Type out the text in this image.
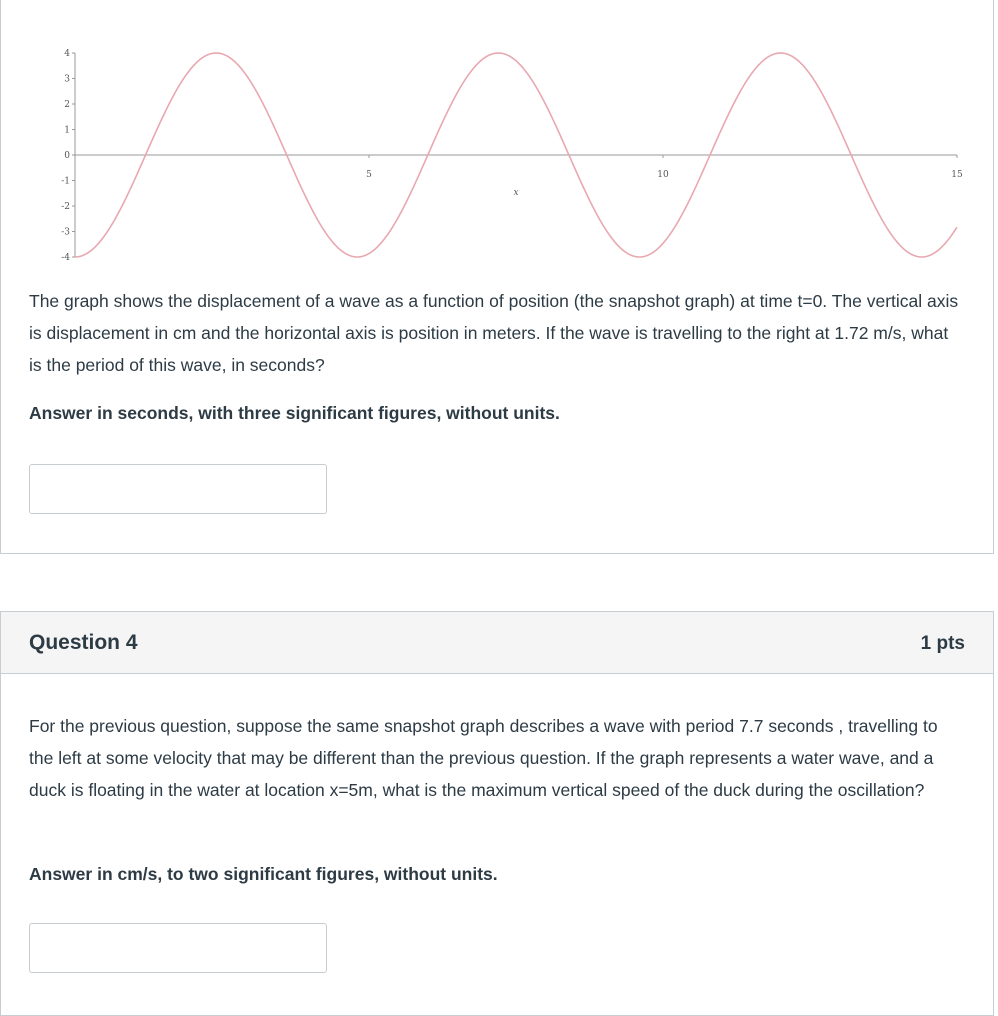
4
3
2
1
0
-1
-2
-3
-4
5	10	15
x

The graph shows the displacement of a wave as a function of position (the snapshot graph) at time t=0. The vertical axis is displacement in cm and the horizontal axis is position in meters. If the wave is travelling to the right at 1.72 m/s, what is the period of this wave, in seconds?

Answer in seconds, with three significant figures, without units.

Question 4	1 pts

For the previous question, suppose the same snapshot graph describes a wave with period 7.7 seconds , travelling to the left at some velocity that may be different than the previous question. If the graph represents a water wave, and a duck is floating in the water at location x=5m, what is the maximum vertical speed of the duck during the oscillation?

Answer in cm/s, to two significant figures, without units.
